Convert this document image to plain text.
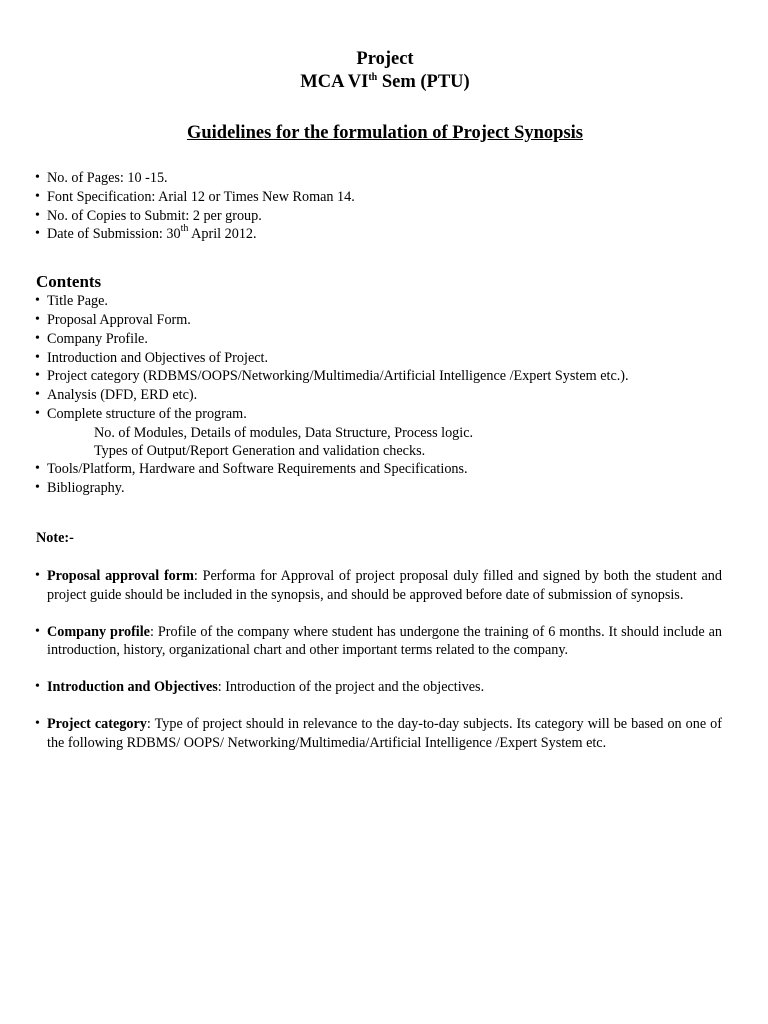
Project
MCA VIth Sem (PTU)
Guidelines for the formulation of Project Synopsis
• No. of Pages: 10 -15.
• Font Specification: Arial 12 or Times New Roman 14.
• No. of Copies to Submit: 2 per group.
• Date of Submission: 30th April 2012.
Contents
• Title Page.
• Proposal Approval Form.
• Company Profile.
• Introduction and Objectives of Project.
• Project category (RDBMS/OOPS/Networking/Multimedia/Artificial Intelligence /Expert System etc.).
• Analysis (DFD, ERD etc).
• Complete structure of the program.
No. of Modules, Details of modules, Data Structure, Process logic.
Types of Output/Report Generation and validation checks.
• Tools/Platform, Hardware and Software Requirements and Specifications.
• Bibliography.
Note:-
• Proposal approval form: Performa for Approval of project proposal duly filled and signed by both the student and project guide should be included in the synopsis, and should be approved before date of submission of synopsis.
• Company profile: Profile of the company where student has undergone the training of 6 months. It should include an introduction, history, organizational chart and other important terms related to the company.
• Introduction and Objectives: Introduction of the project and the objectives.
• Project category: Type of project should in relevance to the day-to-day subjects. Its category will be based on one of the following RDBMS/ OOPS/ Networking/Multimedia/Artificial Intelligence /Expert System etc.
